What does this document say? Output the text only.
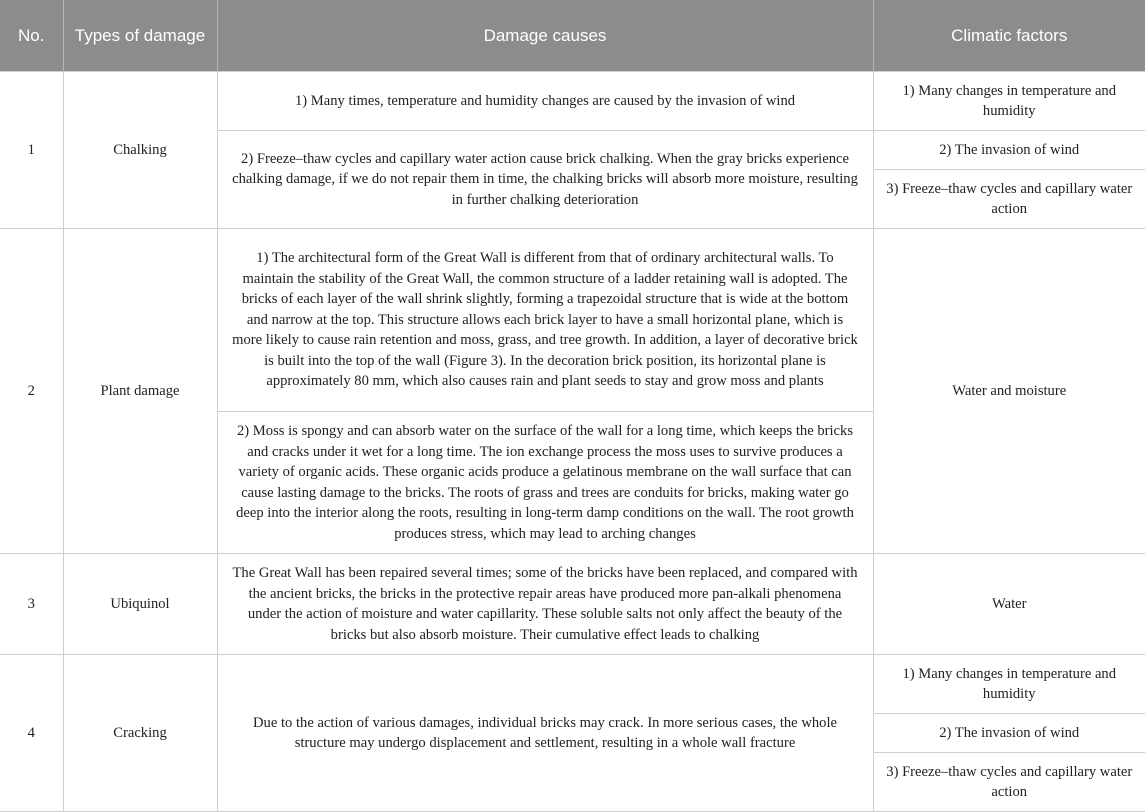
No.	Types of damage	Damage causes	Climatic factors
1	Chalking	1) Many times, temperature and humidity changes are caused by the invasion of wind	1) Many changes in temperature and humidity
		2) Freeze–thaw cycles and capillary water action cause brick chalking. When the gray bricks experience chalking damage, if we do not repair them in time, the chalking bricks will absorb more moisture, resulting in further chalking deterioration	2) The invasion of wind
			3) Freeze–thaw cycles and capillary water action
2	Plant damage	1) The architectural form of the Great Wall is different from that of ordinary architectural walls. To maintain the stability of the Great Wall, the common structure of a ladder retaining wall is adopted. The bricks of each layer of the wall shrink slightly, forming a trapezoidal structure that is wide at the bottom and narrow at the top. This structure allows each brick layer to have a small horizontal plane, which is more likely to cause rain retention and moss, grass, and tree growth. In addition, a layer of decorative brick is built into the top of the wall (Figure 3). In the decoration brick position, its horizontal plane is approximately 80 mm, which also causes rain and plant seeds to stay and grow moss and plants	Water and moisture
		2) Moss is spongy and can absorb water on the surface of the wall for a long time, which keeps the bricks and cracks under it wet for a long time. The ion exchange process the moss uses to survive produces a variety of organic acids. These organic acids produce a gelatinous membrane on the wall surface that can cause lasting damage to the bricks. The roots of grass and trees are conduits for bricks, making water go deep into the interior along the roots, resulting in long-term damp conditions on the wall. The root growth produces stress, which may lead to arching changes	
3	Ubiquinol	The Great Wall has been repaired several times; some of the bricks have been replaced, and compared with the ancient bricks, the bricks in the protective repair areas have produced more pan-alkali phenomena under the action of moisture and water capillarity. These soluble salts not only affect the beauty of the bricks but also absorb moisture. Their cumulative effect leads to chalking	Water
4	Cracking	Due to the action of various damages, individual bricks may crack. In more serious cases, the whole structure may undergo displacement and settlement, resulting in a whole wall fracture	1) Many changes in temperature and humidity
			2) The invasion of wind
			3) Freeze–thaw cycles and capillary water action
